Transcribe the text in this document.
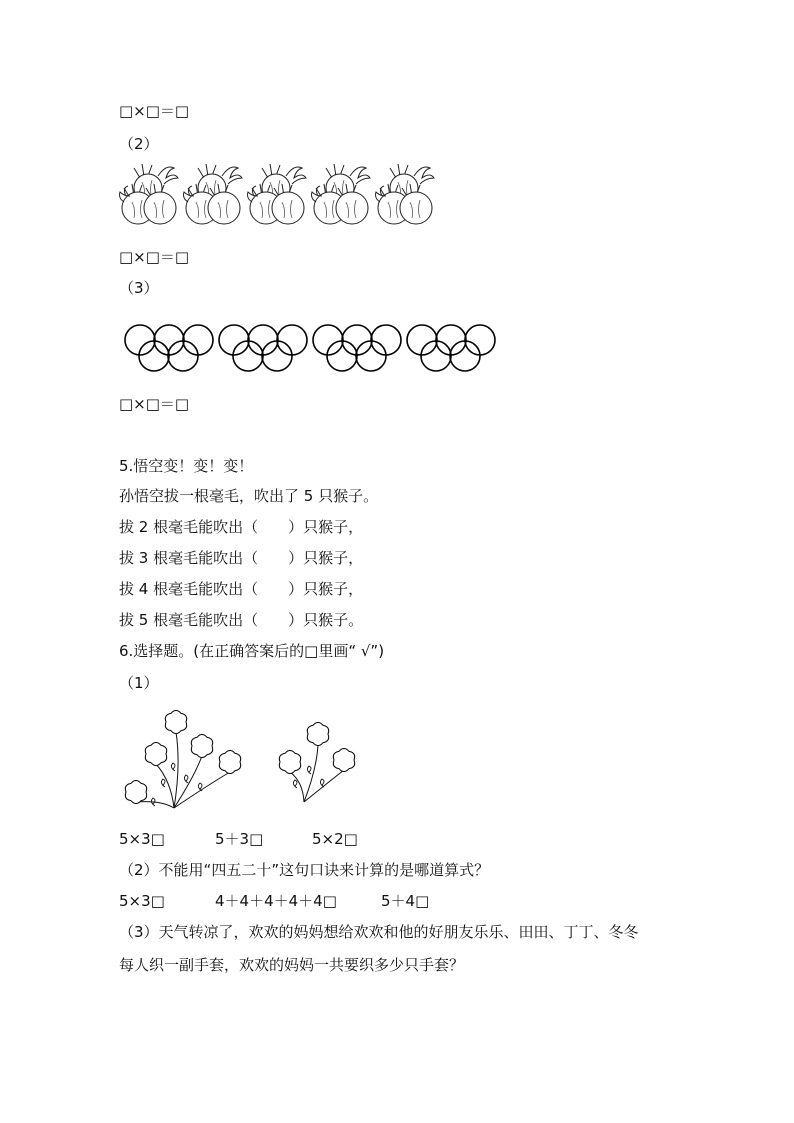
□×□＝□
（2）
□×□＝□
（3）
□×□＝□
5.悟空变！变！变！
孙悟空拔一根毫毛，吹出了 5 只猴子。
拔 2 根毫毛能吹出（　　）只猴子，
拔 3 根毫毛能吹出（　　）只猴子，
拔 4 根毫毛能吹出（　　）只猴子，
拔 5 根毫毛能吹出（　　）只猴子。
6.选择题。(在正确答案后的□里画“ √”)
（1）
5×3□	5＋3□	5×2□
（2）不能用“四五二十”这句口诀来计算的是哪道算式？
5×3□	4＋4＋4＋4＋4□	5＋4□
（3）天气转凉了，欢欢的妈妈想给欢欢和他的好朋友乐乐、田田、丁丁、冬冬
每人织一副手套，欢欢的妈妈一共要织多少只手套？
